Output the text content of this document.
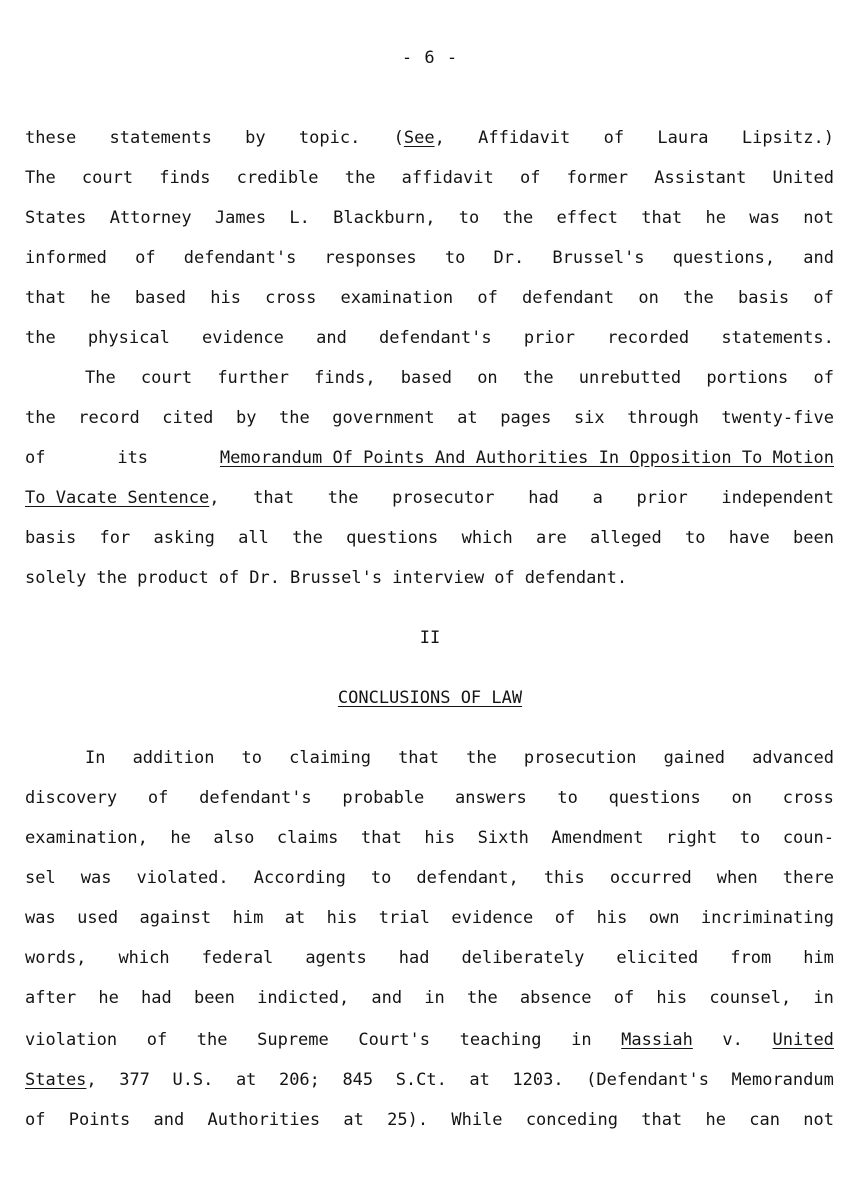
- 6 -
these statements by topic. (See, Affidavit of Laura Lipsitz.)
The court finds credible the affidavit of former Assistant United
States Attorney James L. Blackburn, to the effect that he was not
informed of defendant's responses to Dr. Brussel's questions, and
that he based his cross examination of defendant on the basis of
the physical evidence and defendant's prior recorded statements.
The court further finds, based on the unrebutted portions of
the record cited by the government at pages six through twenty-five
of	its	Memorandum Of Points And Authorities In Opposition To Motion
To Vacate Sentence, that the prosecutor had a prior independent
basis for asking all the questions which are alleged to have been
solely the product of Dr. Brussel's interview of defendant.
II
CONCLUSIONS OF LAW
In addition to claiming that the prosecution gained advanced
discovery of defendant's probable answers to questions on cross
examination, he also claims that his Sixth Amendment right to coun-
sel was violated. According to defendant, this occurred when there
was used against him at his trial evidence of his own incriminating
words, which federal agents had deliberately elicited from him
after he had been indicted, and in the absence of his counsel, in
violation of the Supreme Court's teaching in Massiah v. United
States, 377 U.S. at 206; 845 S.Ct. at 1203. (Defendant's Memorandum
of Points and Authorities at 25). While conceding that he can not
